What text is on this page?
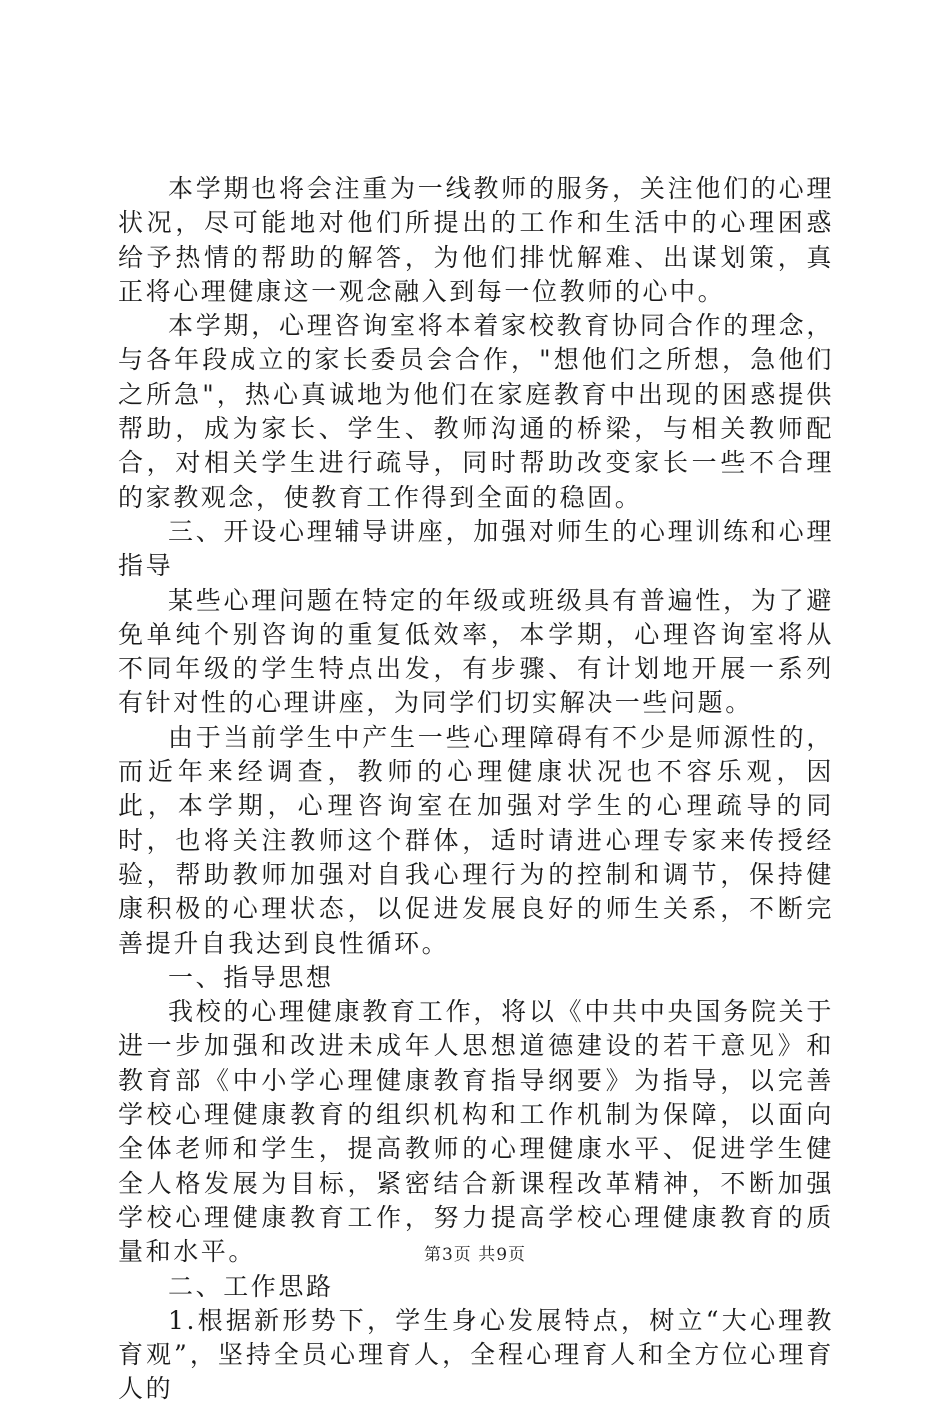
本学期也将会注重为一线教师的服务，关注他们的心理状况，尽可能地对他们所提出的工作和生活中的心理困惑给予热情的帮助的解答，为他们排忧解难、出谋划策，真正将心理健康这一观念融入到每一位教师的心中。

本学期，心理咨询室将本着家校教育协同合作的理念，与各年段成立的家长委员会合作，"想他们之所想，急他们之所急"，热心真诚地为他们在家庭教育中出现的困惑提供帮助，成为家长、学生、教师沟通的桥梁，与相关教师配合，对相关学生进行疏导，同时帮助改变家长一些不合理的家教观念，使教育工作得到全面的稳固。

三、开设心理辅导讲座，加强对师生的心理训练和心理指导

某些心理问题在特定的年级或班级具有普遍性，为了避免单纯个别咨询的重复低效率，本学期，心理咨询室将从不同年级的学生特点出发，有步骤、有计划地开展一系列有针对性的心理讲座，为同学们切实解决一些问题。

由于当前学生中产生一些心理障碍有不少是师源性的，而近年来经调查，教师的心理健康状况也不容乐观，因此，本学期，心理咨询室在加强对学生的心理疏导的同时，也将关注教师这个群体，适时请进心理专家来传授经验，帮助教师加强对自我心理行为的控制和调节，保持健康积极的心理状态，以促进发展良好的师生关系，不断完善提升自我达到良性循环。

一、指导思想

我校的心理健康教育工作，将以《中共中央国务院关于进一步加强和改进未成年人思想道德建设的若干意见》和教育部《中小学心理健康教育指导纲要》为指导，以完善学校心理健康教育的组织机构和工作机制为保障，以面向全体老师和学生，提高教师的心理健康水平、促进学生健全人格发展为目标，紧密结合新课程改革精神，不断加强学校心理健康教育工作，努力提高学校心理健康教育的质量和水平。

二、工作思路

1.根据新形势下，学生身心发展特点，树立“大心理教育观”，坚持全员心理育人，全程心理育人和全方位心理育人的

第3页 共9页
